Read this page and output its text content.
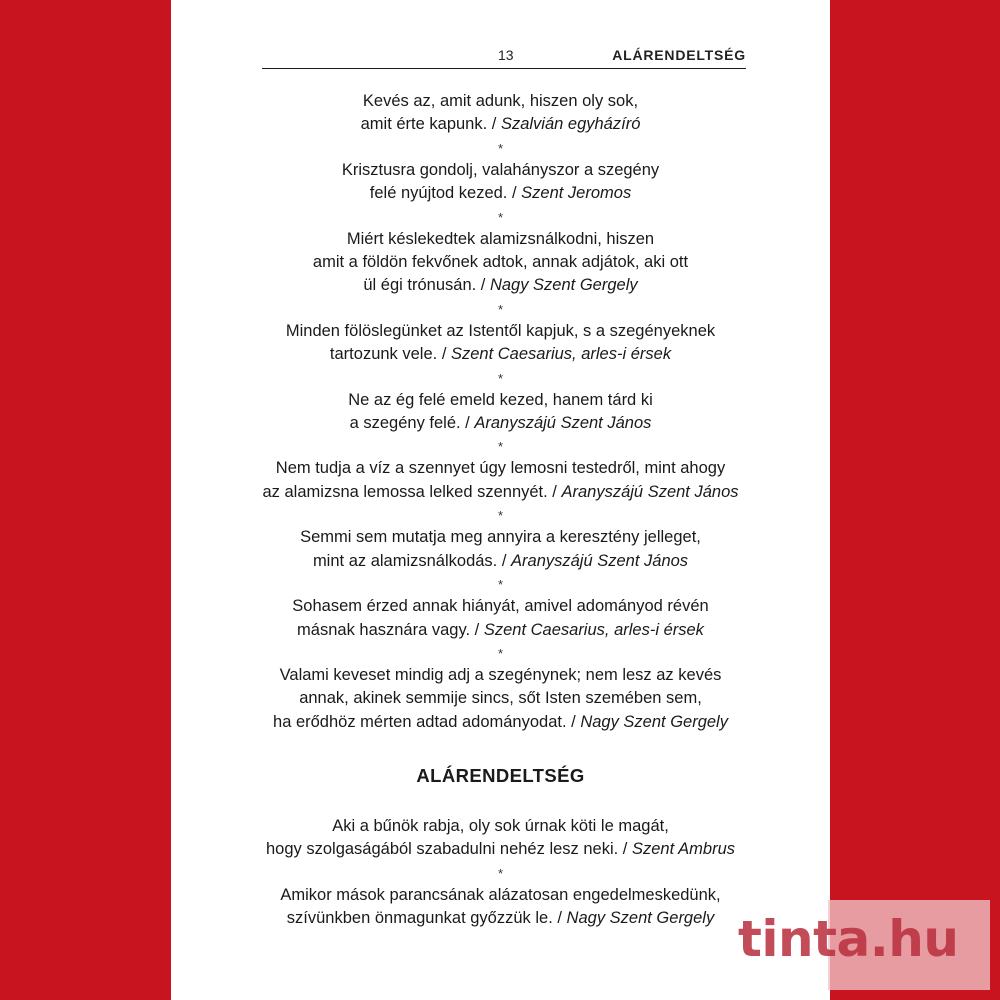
13	ALÁRENDELTSÉG
Kevés az, amit adunk, hiszen oly sok,
amit érte kapunk. / Szalvián egyházíró
*
Krisztusra gondolj, valahányszor a szegény
felé nyújtod kezed. / Szent Jeromos
*
Miért késlekedtek alamizsnálkodni, hiszen
amit a földön fekvőnek adtok, annak adjátok, aki ott
ül égi trónusán. / Nagy Szent Gergely
*
Minden fölöslegünket az Istentől kapjuk, s a szegényeknek
tartozunk vele. / Szent Caesarius, arles-i érsek
*
Ne az ég felé emeld kezed, hanem tárd ki
a szegény felé. / Aranyszájú Szent János
*
Nem tudja a víz a szennyet úgy lemosni testedről, mint ahogy
az alamizsna lemossa lelked szennyét. / Aranyszájú Szent János
*
Semmi sem mutatja meg annyira a keresztény jelleget,
mint az alamizsnálkodás. / Aranyszájú Szent János
*
Sohasem érzed annak hiányát, amivel adományod révén
másnak hasznára vagy. / Szent Caesarius, arles-i érsek
*
Valami keveset mindig adj a szegénynek; nem lesz az kevés
annak, akinek semmije sincs, sőt Isten szemében sem,
ha erődhöz mérten adtad adományodat. / Nagy Szent Gergely
ALÁRENDELTSÉG
Aki a bűnök rabja, oly sok úrnak köti le magát,
hogy szolgaságából szabadulni nehéz lesz neki. / Szent Ambrus
*
Amikor mások parancsának alázatosan engedelmeskedünk,
szívünkben önmagunkat győzzük le. / Nagy Szent Gergely tinta.hu
